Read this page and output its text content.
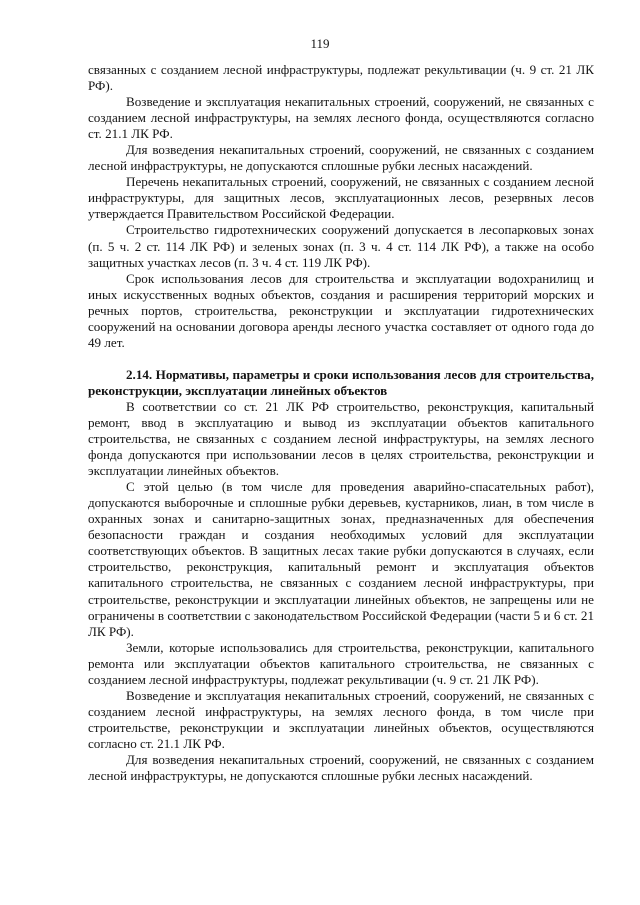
119

связанных с созданием лесной инфраструктуры, подлежат рекультивации (ч. 9 ст. 21 ЛК РФ).

Возведение и эксплуатация некапитальных строений, сооружений, не связанных с созданием лесной инфраструктуры, на землях лесного фонда, осуществляются согласно ст. 21.1 ЛК РФ.

Для возведения некапитальных строений, сооружений, не связанных с созданием лесной инфраструктуры, не допускаются сплошные рубки лесных насаждений.

Перечень некапитальных строений, сооружений, не связанных с созданием лесной инфраструктуры, для защитных лесов, эксплуатационных лесов, резервных лесов утверждается Правительством Российской Федерации.

Строительство гидротехнических сооружений допускается в лесопарковых зонах (п. 5 ч. 2 ст. 114 ЛК РФ) и зеленых зонах (п. 3 ч. 4 ст. 114 ЛК РФ), а также на особо защитных участках лесов (п. 3 ч. 4 ст. 119 ЛК РФ).

Срок использования лесов для строительства и эксплуатации водохранилищ и иных искусственных водных объектов, создания и расширения территорий морских и речных портов, строительства, реконструкции и эксплуатации гидротехнических сооружений на основании договора аренды лесного участка составляет от одного года до 49 лет.

2.14. Нормативы, параметры и сроки использования лесов для строительства, реконструкции, эксплуатации линейных объектов

В соответствии со ст. 21 ЛК РФ строительство, реконструкция, капитальный ремонт, ввод в эксплуатацию и вывод из эксплуатации объектов капитального строительства, не связанных с созданием лесной инфраструктуры, на землях лесного фонда допускаются при использовании лесов в целях строительства, реконструкции и эксплуатации линейных объектов.

С этой целью (в том числе для проведения аварийно-спасательных работ), допускаются выборочные и сплошные рубки деревьев, кустарников, лиан, в том числе в охранных зонах и санитарно-защитных зонах, предназначенных для обеспечения безопасности граждан и создания необходимых условий для эксплуатации соответствующих объектов. В защитных лесах такие рубки допускаются в случаях, если строительство, реконструкция, капитальный ремонт и эксплуатация объектов капитального строительства, не связанных с созданием лесной инфраструктуры, при строительстве, реконструкции и эксплуатации линейных объектов, не запрещены или не ограничены в соответствии с законодательством Российской Федерации (части 5 и 6 ст. 21 ЛК РФ).

Земли, которые использовались для строительства, реконструкции, капитального ремонта или эксплуатации объектов капитального строительства, не связанных с созданием лесной инфраструктуры, подлежат рекультивации (ч. 9 ст. 21 ЛК РФ).

Возведение и эксплуатация некапитальных строений, сооружений, не связанных с созданием лесной инфраструктуры, на землях лесного фонда, в том числе при строительстве, реконструкции и эксплуатации линейных объектов, осуществляются согласно ст. 21.1 ЛК РФ.

Для возведения некапитальных строений, сооружений, не связанных с созданием лесной инфраструктуры, не допускаются сплошные рубки лесных насаждений.
